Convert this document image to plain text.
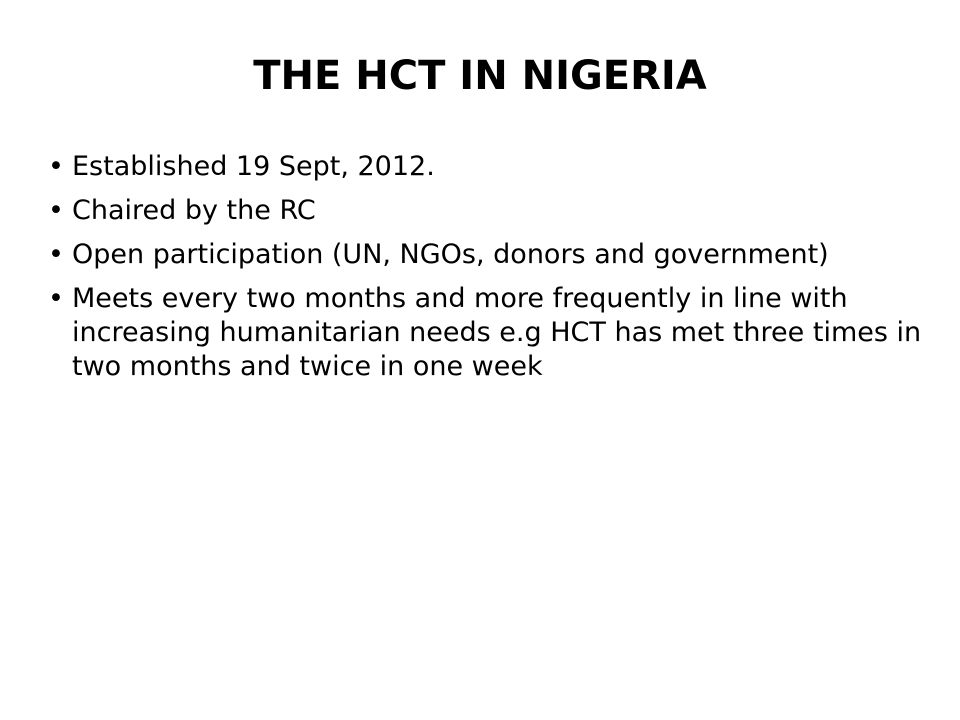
THE HCT IN NIGERIA
• Established 19 Sept, 2012.
• Chaired by the RC
• Open participation (UN, NGOs, donors and government)
• Meets every two months and more frequently in line with increasing humanitarian needs e.g HCT has met three times in two months and twice in one week
